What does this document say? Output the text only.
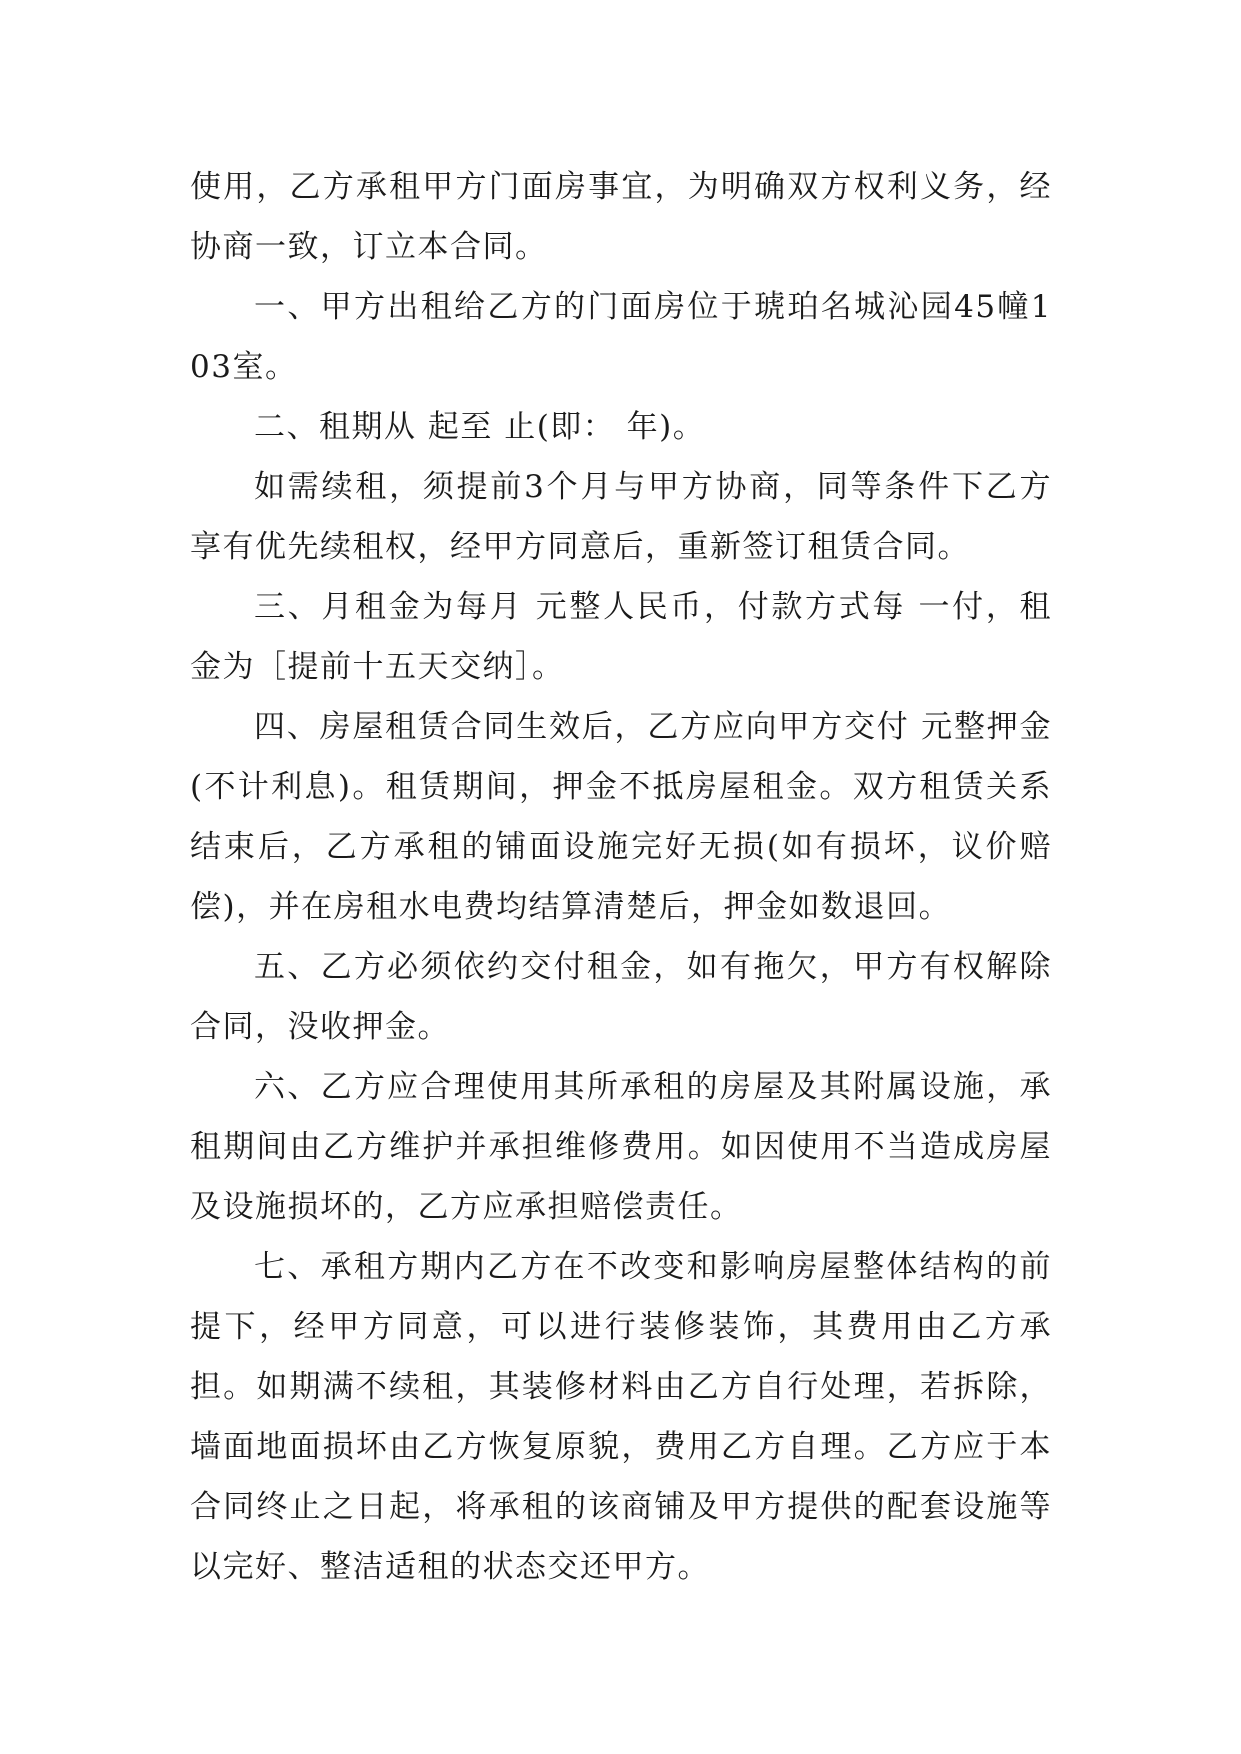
使用，乙方承租甲方门面房事宜，为明确双方权利义务，经协商一致，订立本合同。

一、甲方出租给乙方的门面房位于琥珀名城沁园45幢103室。

二、租期从 起至 止(即： 年)。

如需续租，须提前3个月与甲方协商，同等条件下乙方享有优先续租权，经甲方同意后，重新签订租赁合同。

三、月租金为每月 元整人民币，付款方式每 一付，租金为［提前十五天交纳］。

四、房屋租赁合同生效后，乙方应向甲方交付 元整押金(不计利息)。租赁期间，押金不抵房屋租金。双方租赁关系结束后，乙方承租的铺面设施完好无损(如有损坏，议价赔偿)，并在房租水电费均结算清楚后，押金如数退回。

五、乙方必须依约交付租金，如有拖欠，甲方有权解除合同，没收押金。

六、乙方应合理使用其所承租的房屋及其附属设施，承租期间由乙方维护并承担维修费用。如因使用不当造成房屋及设施损坏的，乙方应承担赔偿责任。

七、承租方期内乙方在不改变和影响房屋整体结构的前提下，经甲方同意，可以进行装修装饰，其费用由乙方承担。如期满不续租，其装修材料由乙方自行处理，若拆除，墙面地面损坏由乙方恢复原貌，费用乙方自理。乙方应于本合同终止之日起，将承租的该商铺及甲方提供的配套设施等以完好、整洁适租的状态交还甲方。
